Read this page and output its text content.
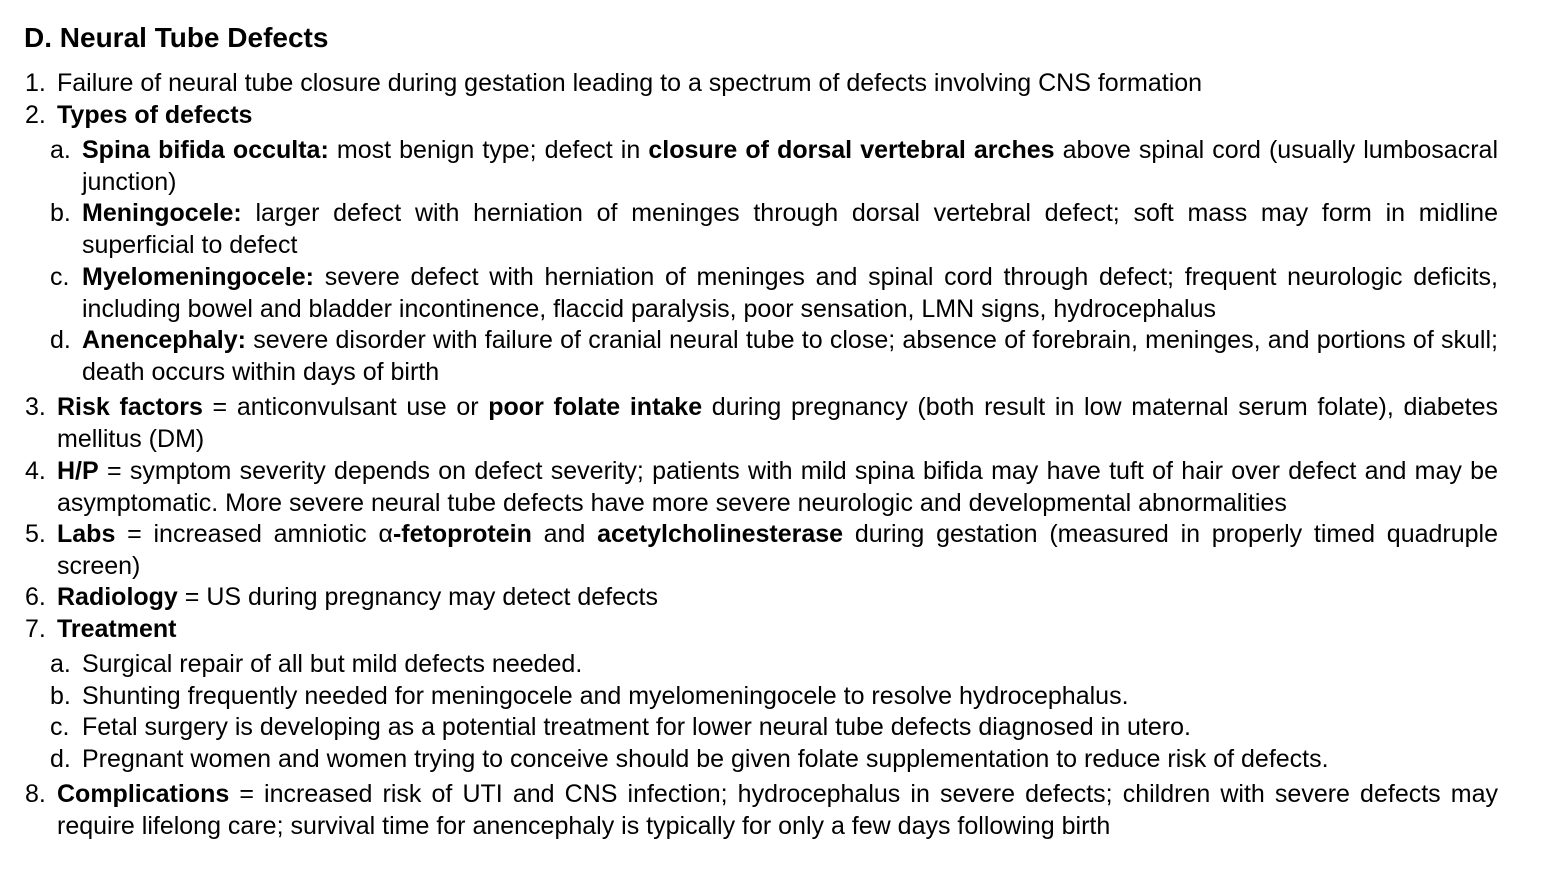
D. Neural Tube Defects
1. Failure of neural tube closure during gestation leading to a spectrum of defects involving CNS formation
2. Types of defects
a. Spina bifida occulta: most benign type; defect in closure of dorsal vertebral arches above spinal cord (usually lumbosacral junction)
b. Meningocele: larger defect with herniation of meninges through dorsal vertebral defect; soft mass may form in midline superficial to defect
c. Myelomeningocele: severe defect with herniation of meninges and spinal cord through defect; frequent neurologic deficits, including bowel and bladder incontinence, flaccid paralysis, poor sensation, LMN signs, hydrocephalus
d. Anencephaly: severe disorder with failure of cranial neural tube to close; absence of forebrain, meninges, and portions of skull; death occurs within days of birth
3. Risk factors = anticonvulsant use or poor folate intake during pregnancy (both result in low maternal serum folate), diabetes mellitus (DM)
4. H/P = symptom severity depends on defect severity; patients with mild spina bifida may have tuft of hair over defect and may be asymptomatic. More severe neural tube defects have more severe neurologic and developmental abnormalities
5. Labs = increased amniotic α-fetoprotein and acetylcholinesterase during gestation (measured in properly timed quadruple screen)
6. Radiology = US during pregnancy may detect defects
7. Treatment
a. Surgical repair of all but mild defects needed.
b. Shunting frequently needed for meningocele and myelomeningocele to resolve hydrocephalus.
c. Fetal surgery is developing as a potential treatment for lower neural tube defects diagnosed in utero.
d. Pregnant women and women trying to conceive should be given folate supplementation to reduce risk of defects.
8. Complications = increased risk of UTI and CNS infection; hydrocephalus in severe defects; children with severe defects may require lifelong care; survival time for anencephaly is typically for only a few days following birth
